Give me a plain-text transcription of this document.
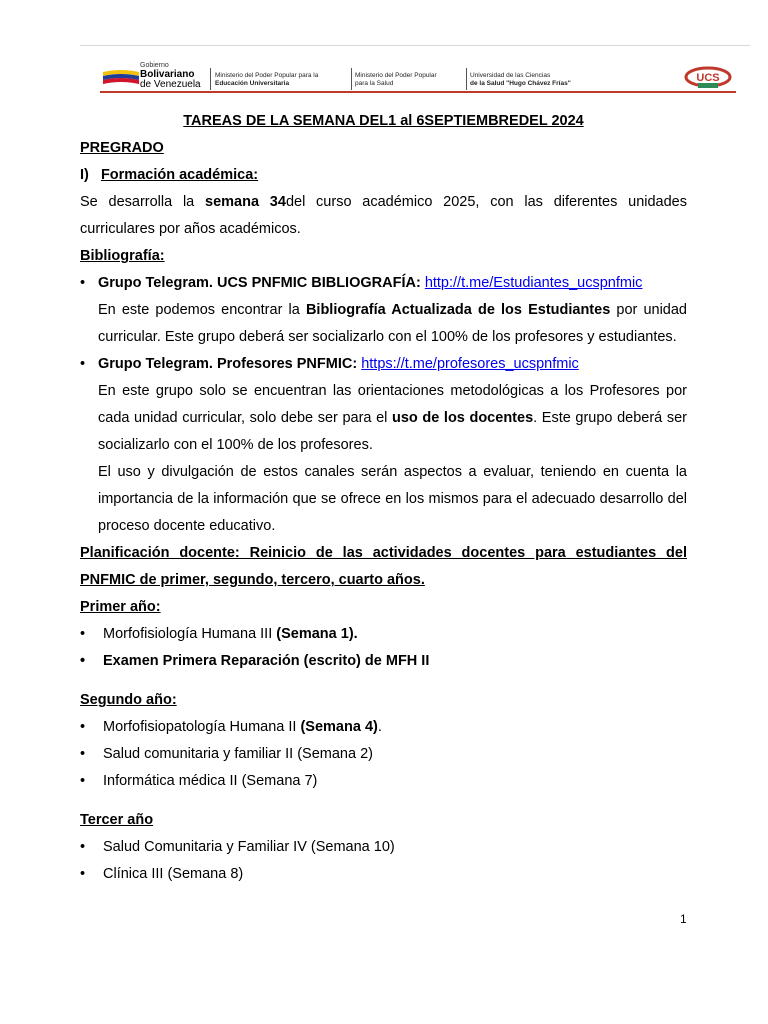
Gobierno
Bolivariano
de Venezuela
Ministerio del Poder Popular para la
Educación Universitaria
Ministerio del Poder Popular
para la Salud
Universidad de las Ciencias
de la Salud "Hugo Chávez Frías"	UCS

TAREAS DE LA SEMANA DEL1 al 6SEPTIEMBREDEL 2024

PREGRADO

I) Formación académica:

Se desarrolla la semana 34del curso académico 2025, con las diferentes unidades curriculares por años académicos.

Bibliografía:

• Grupo Telegram. UCS PNFMIC BIBLIOGRAFÍA: http://t.me/Estudiantes_ucspnfmic

En este podemos encontrar la Bibliografía Actualizada de los Estudiantes por unidad curricular. Este grupo deberá ser socializarlo con el 100% de los profesores y estudiantes.

• Grupo Telegram. Profesores PNFMIC: https://t.me/profesores_ucspnfmic

En este grupo solo se encuentran las orientaciones metodológicas a los Profesores por cada unidad curricular, solo debe ser para el uso de los docentes. Este grupo deberá ser socializarlo con el 100% de los profesores.

El uso y divulgación de estos canales serán aspectos a evaluar, teniendo en cuenta la importancia de la información que se ofrece en los mismos para el adecuado desarrollo del proceso docente educativo.

Planificación docente: Reinicio de las actividades docentes para estudiantes del PNFMIC de primer, segundo, tercero, cuarto años.

Primer año:

• Morfofisiología Humana III (Semana 1).
• Examen Primera Reparación (escrito) de MFH II

Segundo año:

• Morfofisiopatología Humana II (Semana 4).
• Salud comunitaria y familiar II (Semana 2)
• Informática médica II (Semana 7)

Tercer año

• Salud Comunitaria y Familiar IV (Semana 10)
• Clínica III (Semana 8)
1
